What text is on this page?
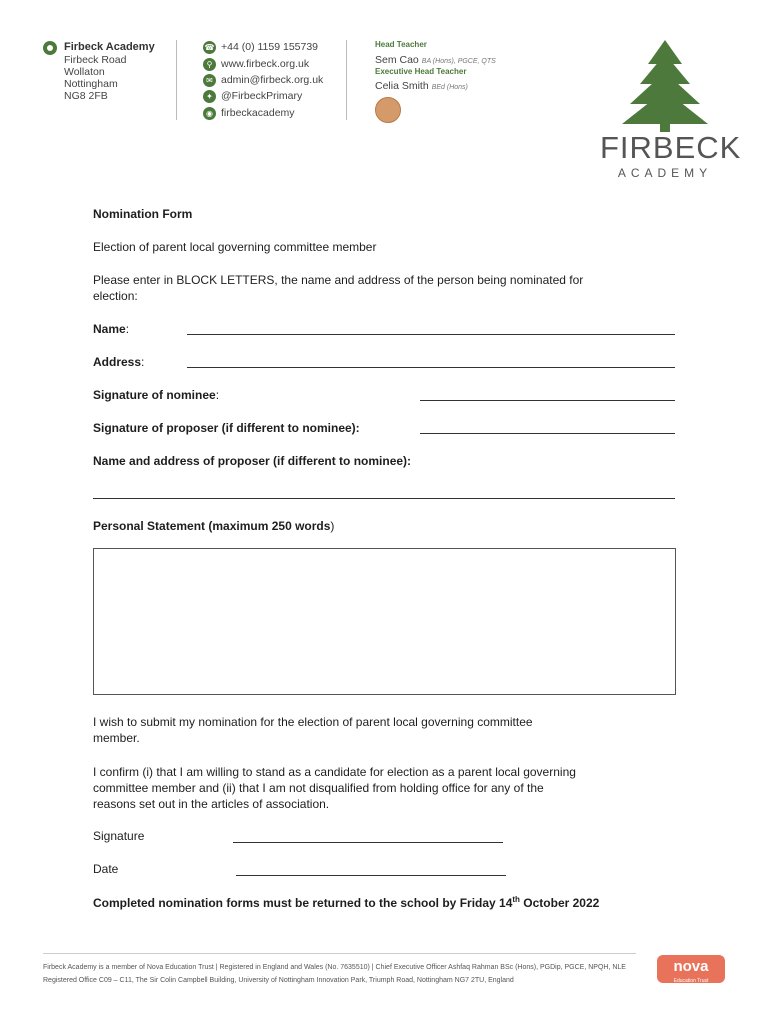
Firbeck Academy
Firbeck Road
Wollaton
Nottingham
NG8 2FB
☎ +44 (0) 1159 155739
⚲ www.firbeck.org.uk
✉ admin@firbeck.org.uk
✦ @FirbeckPrimary
◉ firbeckacademy
Head Teacher
Sem Cao BA (Hons), PGCE, QTS
Executive Head Teacher
Celia Smith BEd (Hons)
FIRBECK
ACADEMY
Nomination Form
Election of parent local governing committee member
Please enter in BLOCK LETTERS, the name and address of the person being nominated for
election:
Name:
Address:
Signature of nominee:
Signature of proposer (if different to nominee):
Name and address of proposer (if different to nominee):
Personal Statement (maximum 250 words)
I wish to submit my nomination for the election of parent local governing committee
member.
I confirm (i) that I am willing to stand as a candidate for election as a parent local governing
committee member and (ii) that I am not disqualified from holding office for any of the
reasons set out in the articles of association.
Signature
Date
Completed nomination forms must be returned to the school by Friday 14th October 2022
Firbeck Academy is a member of Nova Education Trust | Registered in England and Wales (No. 7635510) | Chief Executive Officer Ashfaq Rahman BSc (Hons), PGDip, PGCE, NPQH, NLE
Registered Office C09 – C11, The Sir Colin Campbell Building, University of Nottingham Innovation Park, Triumph Road, Nottingham NG7 2TU, England
nova
Education Trust
